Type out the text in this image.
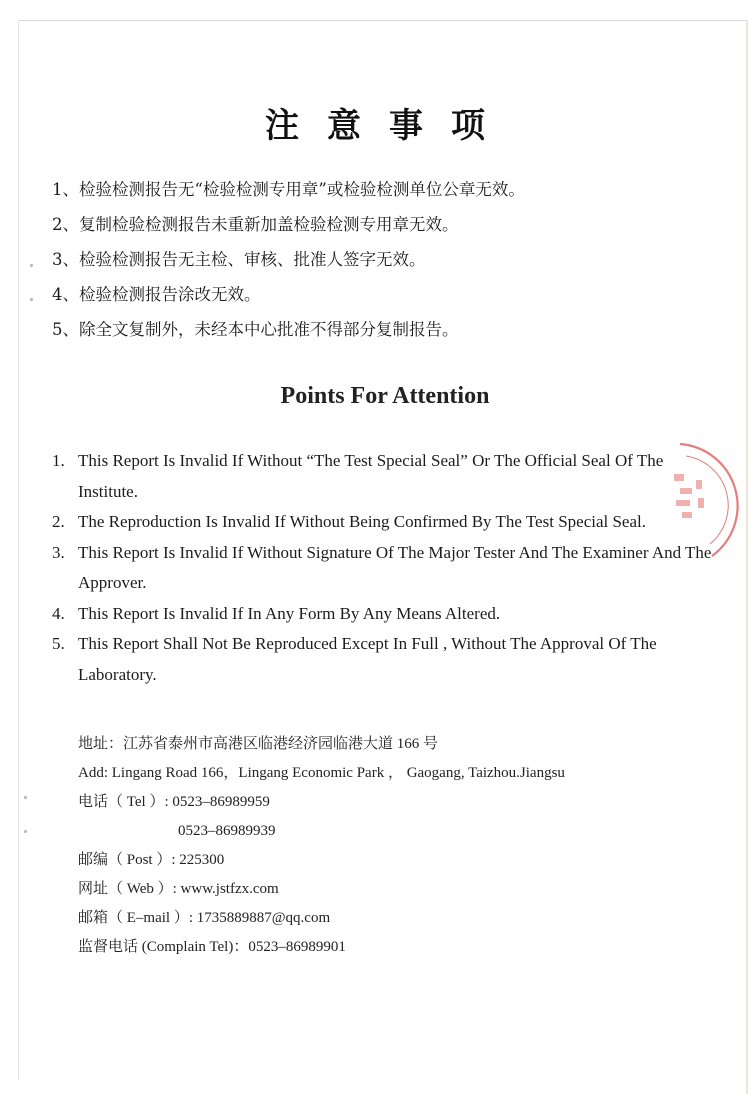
注意事项
1、检验检测报告无“检验检测专用章”或检验检测单位公章无效。
2、复制检验检测报告未重新加盖检验检测专用章无效。
3、检验检测报告无主检、审核、批准人签字无效。
4、检验检测报告涂改无效。
5、除全文复制外，未经本中心批准不得部分复制报告。
Points For Attention
1. This Report Is Invalid If Without “The Test Special Seal” Or The Official Seal Of The Institute.
2. The Reproduction Is Invalid If Without Being Confirmed By The Test Special Seal.
3. This Report Is Invalid If Without Signature Of The Major Tester And The Examiner And The Approver.
4. This Report Is Invalid If In Any Form By Any Means Altered.
5. This Report Shall Not Be Reproduced Except In Full , Without The Approval Of The Laboratory.
地址：江苏省泰州市高港区临港经济园临港大道 166 号
Add: Lingang Road 166，Lingang Economic Park ， Gaogang, Taizhou.Jiangsu
电话（ Tel ）: 0523–86989959
0523–86989939
邮编（ Post ）: 225300
网址（ Web ）: www.jstfzx.com
邮箱（ E–mail ）: 1735889887@qq.com
监督电话 (Complain Tel)：0523–86989901
